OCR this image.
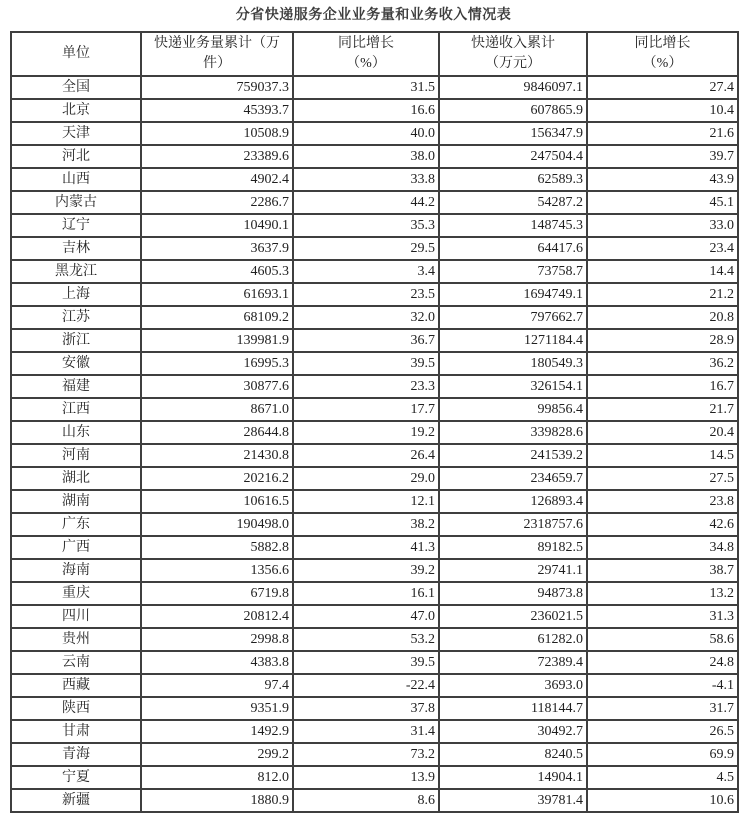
分省快递服务企业业务量和业务收入情况表
单位

快递业务量累计（万
件）

同比增长
（%）

快递收入累计
（万元）

同比增长
（%）

全国	759037.3	31.5	9846097.1	27.4
北京	45393.7	16.6	607865.9	10.4
天津	10508.9	40.0	156347.9	21.6
河北	23389.6	38.0	247504.4	39.7
山西	4902.4	33.8	62589.3	43.9
内蒙古	2286.7	44.2	54287.2	45.1
辽宁	10490.1	35.3	148745.3	33.0
吉林	3637.9	29.5	64417.6	23.4
黑龙江	4605.3	3.4	73758.7	14.4
上海	61693.1	23.5	1694749.1	21.2
江苏	68109.2	32.0	797662.7	20.8
浙江	139981.9	36.7	1271184.4	28.9
安徽	16995.3	39.5	180549.3	36.2
福建	30877.6	23.3	326154.1	16.7
江西	8671.0	17.7	99856.4	21.7
山东	28644.8	19.2	339828.6	20.4
河南	21430.8	26.4	241539.2	14.5
湖北	20216.2	29.0	234659.7	27.5
湖南	10616.5	12.1	126893.4	23.8
广东	190498.0	38.2	2318757.6	42.6
广西	5882.8	41.3	89182.5	34.8
海南	1356.6	39.2	29741.1	38.7
重庆	6719.8	16.1	94873.8	13.2
四川	20812.4	47.0	236021.5	31.3
贵州	2998.8	53.2	61282.0	58.6
云南	4383.8	39.5	72389.4	24.8
西藏	97.4	-22.4	3693.0	-4.1
陕西	9351.9	37.8	118144.7	31.7
甘肃	1492.9	31.4	30492.7	26.5
青海	299.2	73.2	8240.5	69.9
宁夏	812.0	13.9	14904.1	4.5
新疆	1880.9	8.6	39781.4	10.6
